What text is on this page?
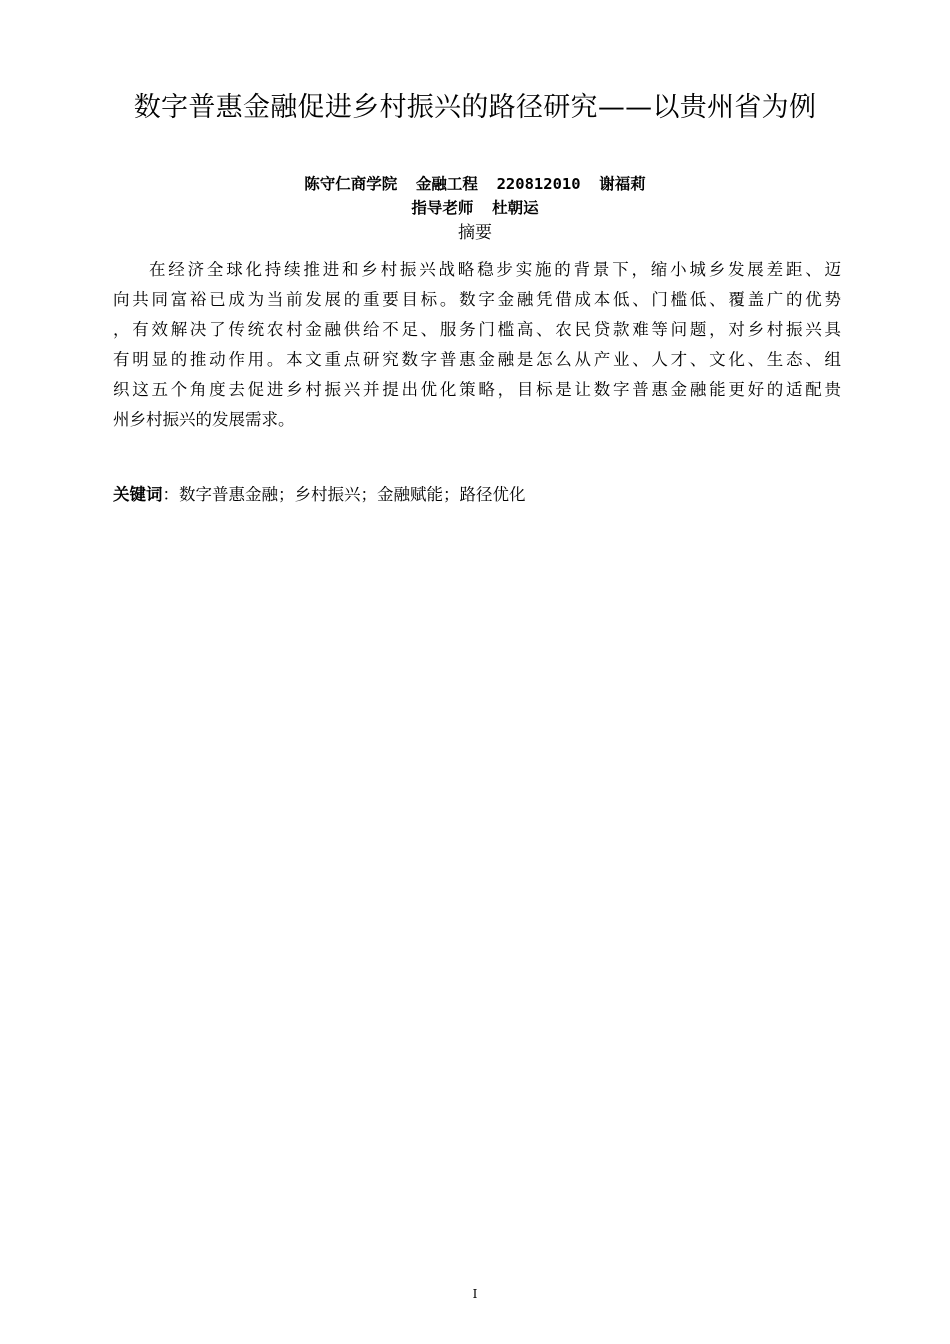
数字普惠金融促进乡村振兴的路径研究——以贵州省为例
陈守仁商学院  金融工程  220812010  谢福莉
指导老师  杜朝运
摘要
在经济全球化持续推进和乡村振兴战略稳步实施的背景下，缩小城乡发展差距、迈
向共同富裕已成为当前发展的重要目标。数字金融凭借成本低、门槛低、覆盖广的优势
，有效解决了传统农村金融供给不足、服务门槛高、农民贷款难等问题，对乡村振兴具
有明显的推动作用。本文重点研究数字普惠金融是怎么从产业、人才、文化、生态、组
织这五个角度去促进乡村振兴并提出优化策略，目标是让数字普惠金融能更好的适配贵
州乡村振兴的发展需求。
关键词：数字普惠金融；乡村振兴；金融赋能；路径优化
I
